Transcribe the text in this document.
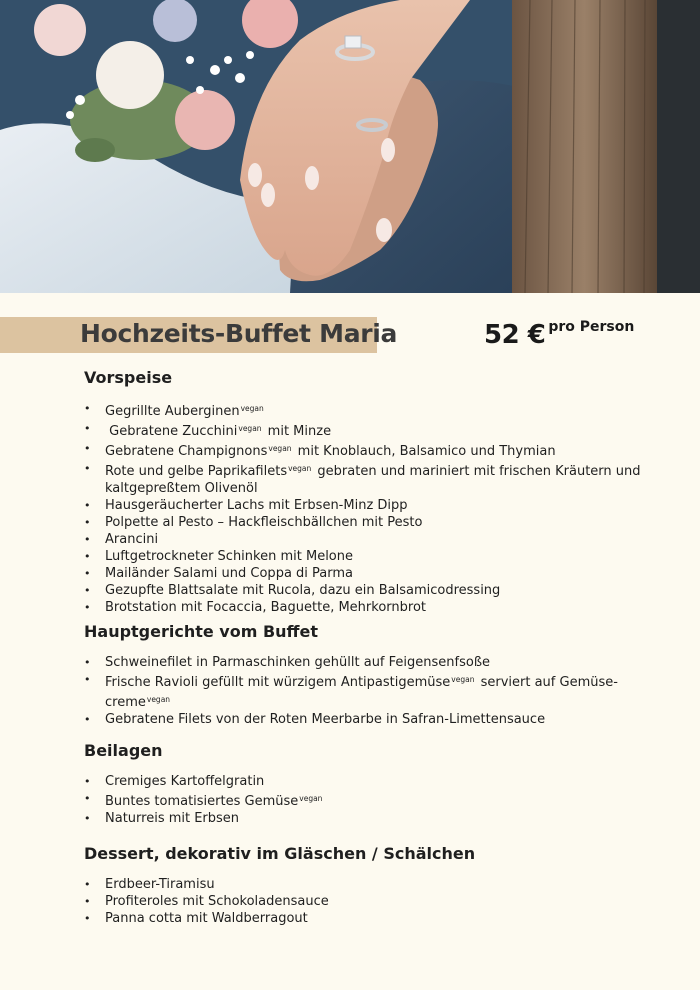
Hochzeits-Buffet Maria	52 € pro Person
Vorspeise
• Gegrillte Auberginen$^{vegan}$
• Gebratene Zucchini$^{vegan}$ mit Minze
• Gebratene Champignons$^{vegan}$ mit Knoblauch, Balsamico und Thymian
• Rote und gelbe Paprikafilets$^{vegan}$ gebraten und mariniert mit frischen Kräutern und kaltgepreßtem Olivenöl
• Hausgeräucherter Lachs mit Erbsen-Minz Dipp
• Polpette al Pesto – Hackfleischbällchen mit Pesto
• Arancini
• Luftgetrockneter Schinken mit Melone
• Mailänder Salami und Coppa di Parma
• Gezupfte Blattsalate mit Rucola, dazu ein Balsamicodressing
• Brotstation mit Focaccia, Baguette, Mehrkornbrot
Hauptgerichte vom Buffet
• Schweinefilet in Parmaschinken gehüllt auf Feigensenfsoße
• Frische Ravioli gefüllt mit würzigem Antipastigemüse$^{vegan}$ serviert auf Gemüse-creme$^{vegan}$
• Gebratene Filets von der Roten Meerbarbe in Safran-Limettensauce
Beilagen
• Cremiges Kartoffelgratin
• Buntes tomatisiertes Gemüse$^{vegan}$
• Naturreis mit Erbsen
Dessert, dekorativ im Gläschen / Schälchen
• Erdbeer-Tiramisu
• Profiteroles mit Schokoladensauce
• Panna cotta mit Waldberragout
